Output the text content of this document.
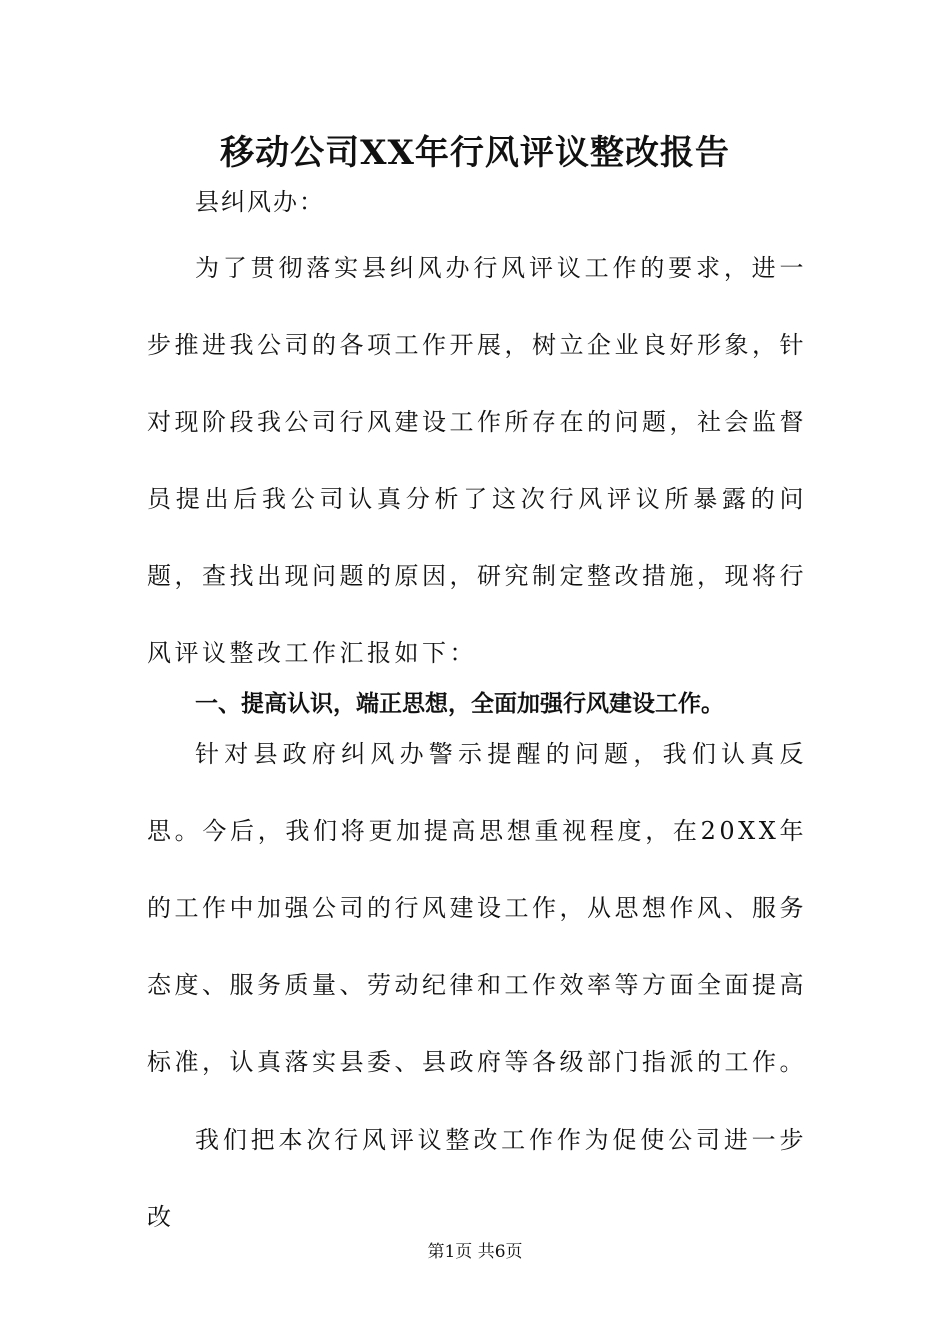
移动公司XX年行风评议整改报告

县纠风办：

为了贯彻落实县纠风办行风评议工作的要求，进一步推进我公司的各项工作开展，树立企业良好形象，针对现阶段我公司行风建设工作所存在的问题，社会监督员提出后我公司认真分析了这次行风评议所暴露的问题，查找出现问题的原因，研究制定整改措施，现将行风评议整改工作汇报如下：

一、提高认识，端正思想，全面加强行风建设工作。

针对县政府纠风办警示提醒的问题，我们认真反思。今后，我们将更加提高思想重视程度，在20XX年的工作中加强公司的行风建设工作，从思想作风、服务态度、服务质量、劳动纪律和工作效率等方面全面提高标准，认真落实县委、县政府等各级部门指派的工作。

我们把本次行风评议整改工作作为促使公司进一步改

第1页 共6页
